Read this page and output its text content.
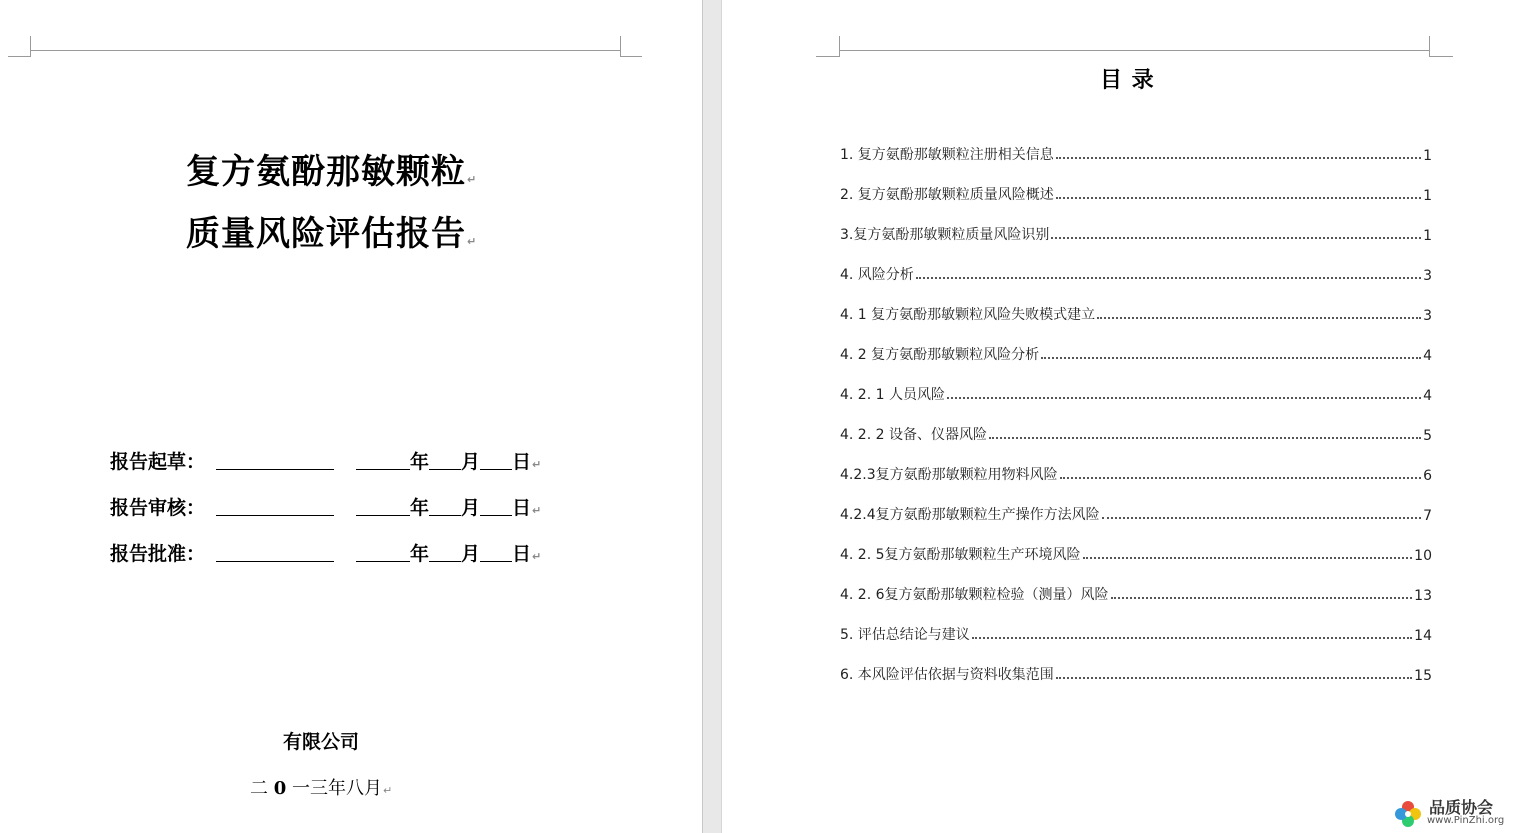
复方氨酚那敏颗粒↵
质量风险评估报告↵
报告起草：	年 月 日↵
报告审核：	年 月 日↵
报告批准：	年 月 日↵
有限公司
二 0 一三年八月↵
目 录
1. 复方氨酚那敏颗粒注册相关信息	1
2. 复方氨酚那敏颗粒质量风险概述	1
3.复方氨酚那敏颗粒质量风险识别	1
4. 风险分析	3
4. 1 复方氨酚那敏颗粒风险失败模式建立	3
4. 2 复方氨酚那敏颗粒风险分析	4
4. 2. 1 人员风险	4
4. 2. 2 设备、仪器风险	5
4.2.3复方氨酚那敏颗粒用物料风险	6
4.2.4复方氨酚那敏颗粒生产操作方法风险	7
4. 2. 5复方氨酚那敏颗粒生产环境风险	10
4. 2. 6复方氨酚那敏颗粒检验（测量）风险	13
5. 评估总结论与建议	14
6. 本风险评估依据与资料收集范围	15
品质协会
www.PinZhi.org
